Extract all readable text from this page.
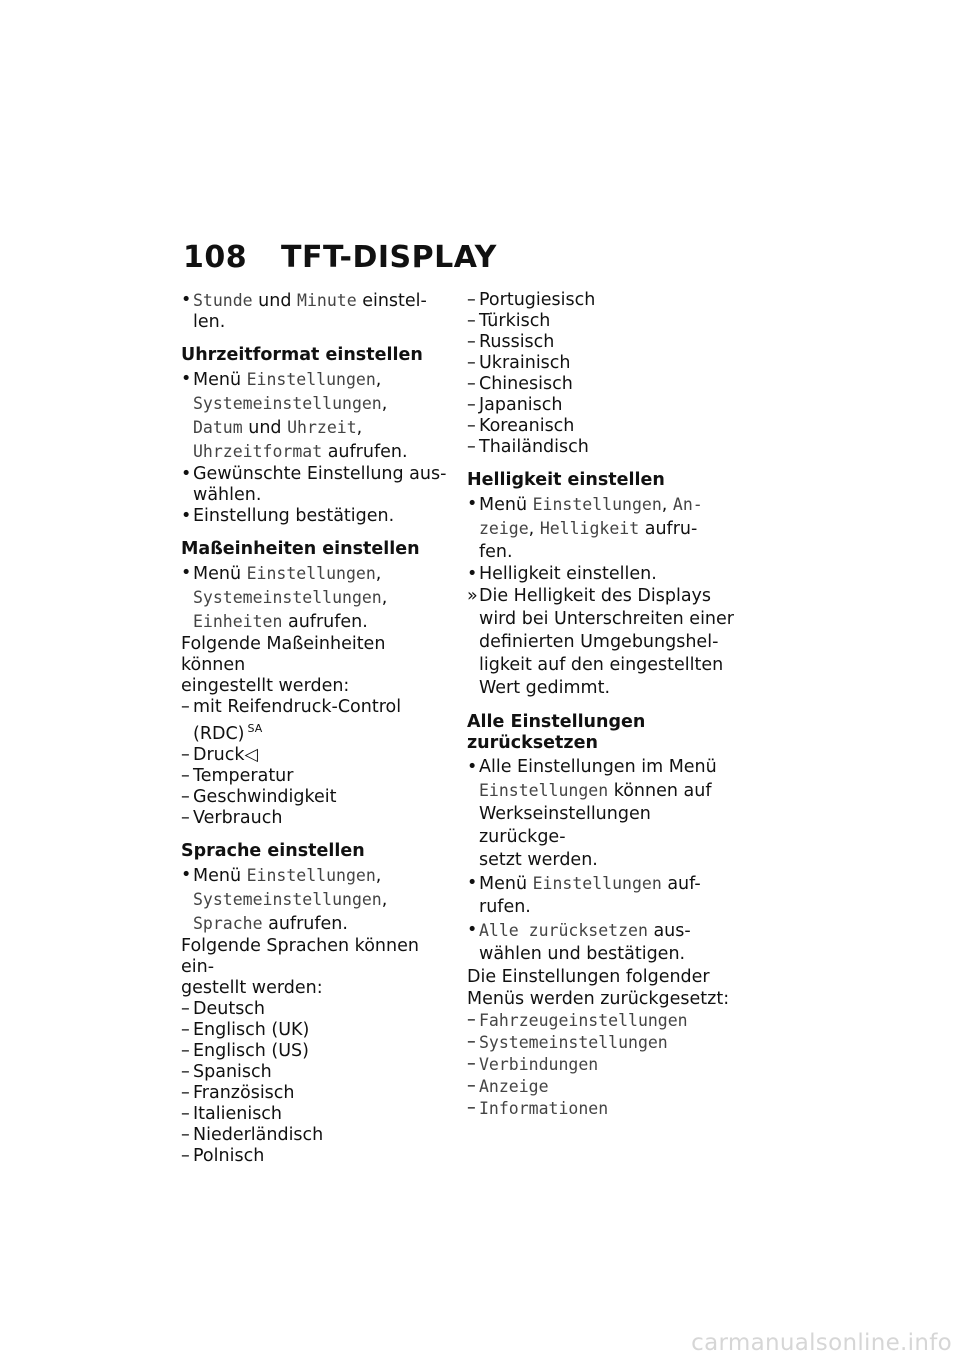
108 TFT-DISPLAY
• Stunde und Minute einstel-
len.
Uhrzeitformat einstellen
• Menü Einstellungen,
Systemeinstellungen,
Datum und Uhrzeit,
Uhrzeitformat aufrufen.
• Gewünschte Einstellung aus-
wählen.
• Einstellung bestätigen.
Maßeinheiten einstellen
• Menü Einstellungen,
Systemeinstellungen,
Einheiten aufrufen.
Folgende Maßeinheiten können
eingestellt werden:
– mit Reifendruck-Control
(RDC) $^{SA}$
– Druck◁
– Temperatur
– Geschwindigkeit
– Verbrauch
Sprache einstellen
• Menü Einstellungen,
Systemeinstellungen,
Sprache aufrufen.
Folgende Sprachen können ein-
gestellt werden:
– Deutsch
– Englisch (UK)
– Englisch (US)
– Spanisch
– Französisch
– Italienisch
– Niederländisch
– Polnisch
– Portugiesisch
– Türkisch
– Russisch
– Ukrainisch
– Chinesisch
– Japanisch
– Koreanisch
– Thailändisch
Helligkeit einstellen
• Menü Einstellungen, An-
zeige, Helligkeit aufru-
fen.
• Helligkeit einstellen.
» Die Helligkeit des Displays
wird bei Unterschreiten einer
definierten Umgebungshel-
ligkeit auf den eingestellten
Wert gedimmt.
Alle Einstellungen
zurücksetzen
• Alle Einstellungen im Menü
Einstellungen können auf
Werkseinstellungen zurückge-
setzt werden.
• Menü Einstellungen auf-
rufen.
• Alle zurücksetzen aus-
wählen und bestätigen.
Die Einstellungen folgender
Menüs werden zurückgesetzt:
– Fahrzeugeinstellungen
– Systemeinstellungen
– Verbindungen
– Anzeige
– Informationen
carmanualsonline.info
